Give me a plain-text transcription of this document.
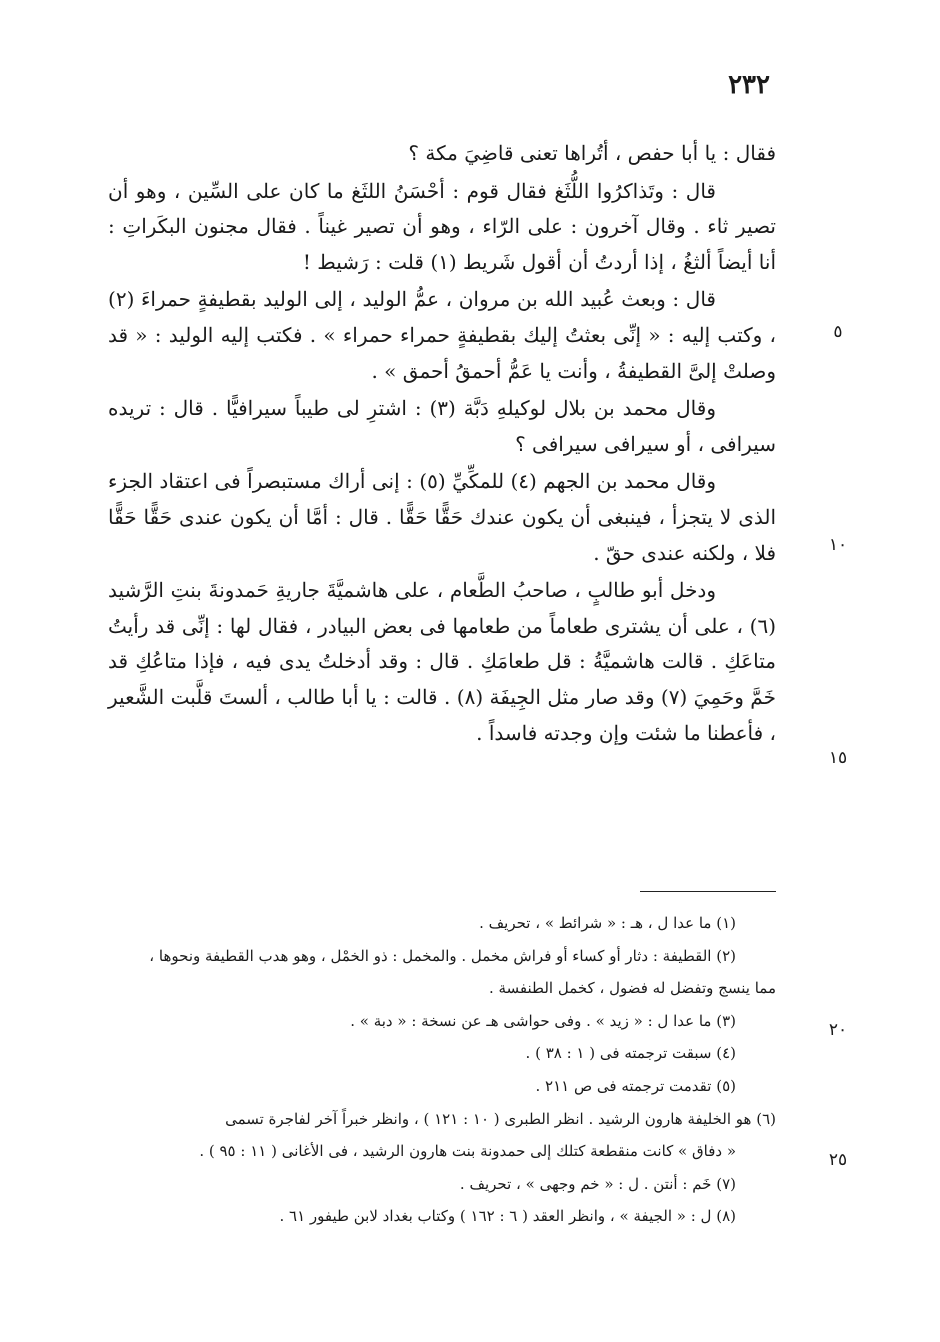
٢٣٢

فقال : يا أبا حفص ، أتُراها تعنى قاضِيَ مكة ؟

قال : وتَذاكرُوا اللُّثَغ فقال قوم : أحْسَنُ اللثَغ ما كان على السِّين ، وهو أن تصير ثاء . وقال آخرون : على الرّاء ، وهو أن تصير غيناً . فقال مجنون البكَراتِ : أنا أيضاً ألثغُ ، إذا أردتُ أن أقول شَريط (١) قلت : رَشيط !

قال : وبعث عُبيد الله بن مروان ، عمُّ الوليد ، إلى الوليد بقطيفةٍ حمراءَ (٢) ، وكتب إليه : « إنِّى بعثتُ إليك بقطيفةٍ حمراء حمراء » . فكتب إليه الوليد : « قد وصلتْ إلىَّ القطيفةُ ، وأنت يا عَمُّ أحمقُ أحمق » .

وقال محمد بن بلال لوكيلهِ دَبَّة (٣) : اشترِ لى طيباً سيرافيًّا . قال : تريده سيرافى ، أو سيرافى سيرافى ؟

وقال محمد بن الجهم (٤) للمكِّيِّ (٥) : إنى أراك مستبصراً فى اعتقاد الجزء الذى لا يتجزأ ، فينبغى أن يكون عندك حَقًّا حَقًّا . قال : أمَّا أن يكون عندى حَقًّا حَقًّا فلا ، ولكنه عندى حقّ .

ودخل أبو طالبٍ ، صاحبُ الطَّعام ، على هاشميَّةَ جاريةِ حَمدونةَ بنتِ الرَّشيد (٦) ، على أن يشترى طعاماً من طعامها فى بعض البيادر ، فقال لها : إنِّى قد رأيتُ متاعَكِ . قالت هاشميَّةُ : قل طعامَكِ . قال : وقد أدخلتُ يدى فيه ، فإذا متاعُكِ قد خَمَّ وحَمِيَ (٧) وقد صار مثل الجِيفَة (٨) . قالت : يا أبا طالب ، ألستَ قلَّبت الشَّعير ، فأعطنا ما شئت وإن وجدته فاسداً .

٥
١٠
١٥
٢٠
٢٥
(١) ما عدا ل ، هـ : « شرائط » ، تحريف .
(٢) القطيفة : دثار أو كساء أو فراش مخمل . والمخمل : ذو الخمْل ، وهو هدب القطيفة ونحوها ،
مما ينسج وتفضل له فضول ، كخمل الطنفسة .
(٣) ما عدا ل : « زيد » . وفى حواشى هـ عن نسخة : « دبة » .
(٤) سبقت ترجمته فى ( ١ : ٣٨ ) .
(٥) تقدمت ترجمته فى ص ٢١١ .
(٦) هو الخليفة هارون الرشيد . انظر الطبرى ( ١٠ : ١٢١ ) ، وانظر خبراً آخر لفاجرة تسمى
« دفاق » كانت منقطعة كتلك إلى حمدونة بنت هارون الرشيد ، فى الأغانى ( ١١ : ٩٥ ) .
(٧) خَم : أنتن . ل : « خم وجهى » ، تحريف .
(٨) ل : « الجيفة » ، وانظر العقد ( ٦ : ١٦٢ ) وكتاب بغداد لابن طيفور ٦١ .
